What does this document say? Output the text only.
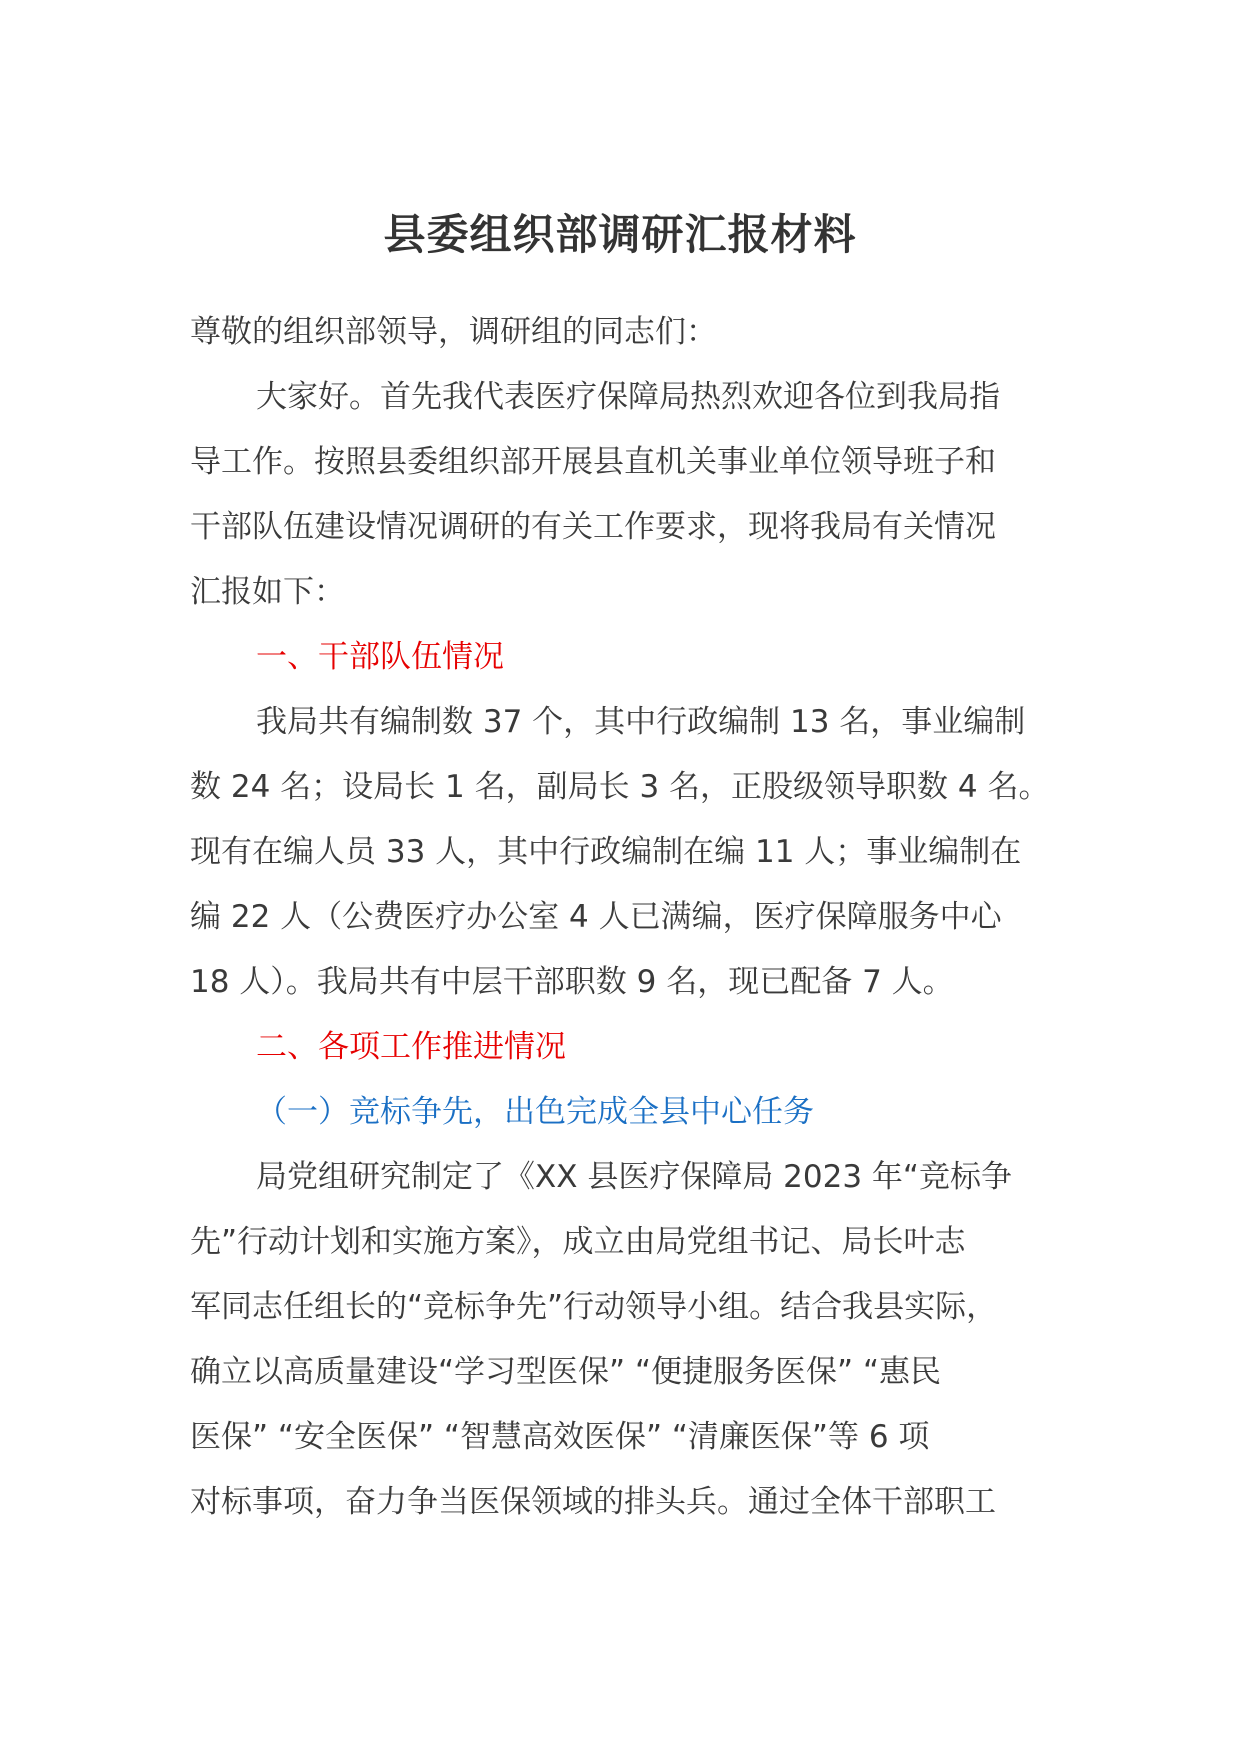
县委组织部调研汇报材料
尊敬的组织部领导，调研组的同志们：
大家好。首先我代表医疗保障局热烈欢迎各位到我局指
导工作。按照县委组织部开展县直机关事业单位领导班子和
干部队伍建设情况调研的有关工作要求，现将我局有关情况
汇报如下：
一、干部队伍情况
我局共有编制数 37 个，其中行政编制 13 名，事业编制
数 24 名；设局长 1 名，副局长 3 名，正股级领导职数 4 名。
现有在编人员 33 人，其中行政编制在编 11 人；事业编制在
编 22 人（公费医疗办公室 4 人已满编，医疗保障服务中心
18 人）。我局共有中层干部职数 9 名，现已配备 7 人。
二、各项工作推进情况
（一）竞标争先，出色完成全县中心任务
局党组研究制定了《XX 县医疗保障局 2023 年“竞标争
先”行动计划和实施方案》，成立由局党组书记、局长叶志
军同志任组长的“竞标争先”行动领导小组。结合我县实际，
确立以高质量建设“学习型医保” “便捷服务医保” “惠民
医保” “安全医保” “智慧高效医保” “清廉医保”等 6 项
对标事项，奋力争当医保领域的排头兵。通过全体干部职工
